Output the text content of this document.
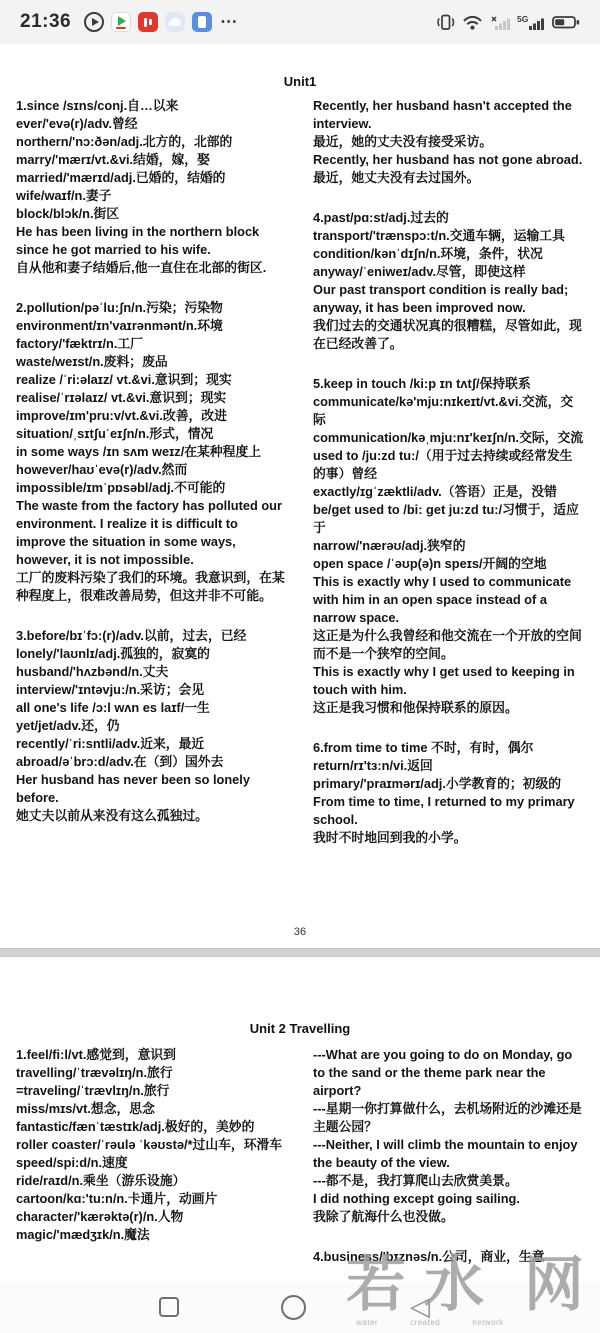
21:36	⋯	5G
Unit1
1.since /sɪns/conj.自…以来
ever/'evə(r)/adv.曾经
northern/'nɔ:ðən/adj.北方的，北部的
marry/'mærɪ/vt.&vi.结婚，嫁，娶
married/'mærɪd/adj.已婚的，结婚的
wife/waɪf/n.妻子
block/blɔk/n.街区
He has been living in the northern block since he got married to his wife.
自从他和妻子结婚后,他一直住在北部的街区.
2.pollution/pəˈlu:ʃn/n.污染；污染物
environment/ɪn'vaɪrənmənt/n.环境
factory/'fæktrɪ/n.工厂
waste/weɪst/n.废料；废品
realize /ˈri:əlaɪz/ vt.&vi.意识到；现实
realise/ˈrɪəlaɪz/ vt.&vi.意识到；现实
improve/ɪm'pru:v/vt.&vi.改善，改进
situation/ˌsɪtʃuˈeɪʃn/n.形式，情况
in some ways /ɪn sʌm weɪz/在某种程度上
however/haʊˈevə(r)/adv.然而
impossible/ɪmˈpɒsəbl/adj.不可能的
The waste from the factory has polluted our environment. I realize it is difficult to improve the situation in some ways, however, it is not impossible.
工厂的废料污染了我们的环境。我意识到，在某种程度上，很难改善局势，但这并非不可能。
3.before/bɪˈfɔ:(r)/adv.以前，过去，已经
lonely/'laʊnlɪ/adj.孤独的，寂寞的
husband/'hʌzbənd/n.丈夫
interview/'ɪntəvju:/n.采访；会见
all one's life /ɔ:l wʌn es laɪf/一生
yet/jet/adv.还，仍
recently/ˈri:sntli/adv.近来，最近
abroad/əˈbrɔ:d/adv.在（到）国外去
Her husband has never been so lonely before.
她丈夫以前从来没有这么孤独过。
Recently, her husband hasn't accepted the interview.
最近，她的丈夫没有接受采访。
Recently, her husband has not gone abroad.
最近，她丈夫没有去过国外。
4.past/pɑ:st/adj.过去的
transport/'trænspɔ:t/n.交通车辆，运输工具
condition/kənˈdɪʃn/n.环境，条件，状况
anyway/ˈeniweɪ/adv.尽管，即使这样
Our past transport condition is really bad; anyway, it has been improved now.
我们过去的交通状况真的很糟糕，尽管如此，现在已经改善了。
5.keep in touch /ki:p ɪn tʌtʃ/保持联系
communicate/kə'mju:nɪkeɪt/vt.&vi.交流，交际
communication/kəˌmju:nɪ'keɪʃn/n.交际，交流
used to /ju:zd tu:/（用于过去持续或经常发生的事）曾经
exactly/ɪɡˈzæktli/adv.（答语）正是，没错
be/get used to /bi: get ju:zd tu:/习惯于，适应于
narrow/'nærəʊ/adj.狭窄的
open space /ˈəʊp(ə)n speɪs/开阔的空地
This is exactly why I used to communicate with him in an open space instead of a narrow space.
这正是为什么我曾经和他交流在一个开放的空间而不是一个狭窄的空间。
This is exactly why I get used to keeping in touch with him.
这正是我习惯和他保持联系的原因。
6.from time to time 不时，有时，偶尔
return/rɪ'tɜ:n/vi.返回
primary/'praɪmərɪ/adj.小学教育的；初级的
From time to time, I returned to my primary school.
我时不时地回到我的小学。
36
Unit 2 Travelling
1.feel/fi:l/vt.感觉到，意识到
travelling/ˈtrævəlɪŋ/n.旅行
=traveling/ˈtrævlɪŋ/n.旅行
miss/mɪs/vt.想念，思念
fantastic/fænˈtæstɪk/adj.极好的，美妙的
roller coaster/ˈrəulə ˈkəʊstə/*过山车，环滑车
speed/spi:d/n.速度
ride/raɪd/n.乘坐（游乐设施）
cartoon/kɑ:'tu:n/n.卡通片，动画片
character/'kærəktə(r)/n.人物
magic/'mædʒɪk/n.魔法
---What are you going to do on Monday, go to the sand or the theme park near the airport?
---星期一你打算做什么，去机场附近的沙滩还是主题公园？
---Neither, I will climb the mountain to enjoy the beauty of the view.
---都不是，我打算爬山去欣赏美景。
I did nothing except going sailing.
我除了航海什么也没做。
4.business/'bɪznəs/n.公司，商业，生意
◁
若 水 网
water	created	network
